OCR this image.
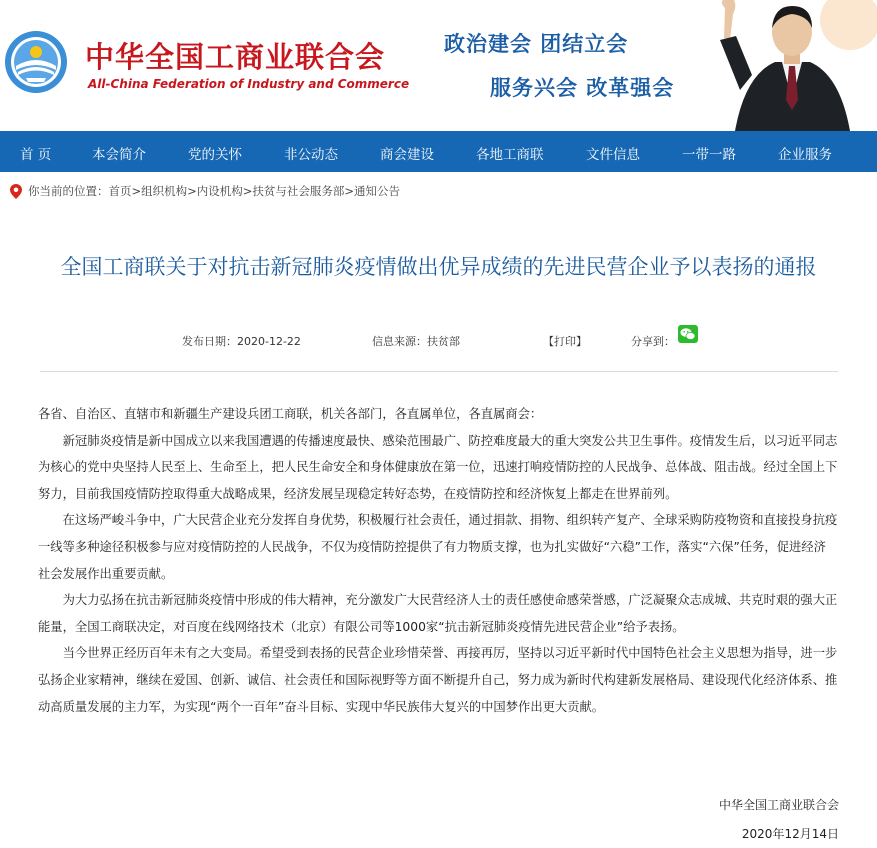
中华全国工商业联合会
All-China Federation of Industry and Commerce
政治建会 团结立会
服务兴会 改革强会
首 页	本会简介	党的关怀	非公动态	商会建设	各地工商联	文件信息	一带一路	企业服务
你当前的位置：首页>组织机构>内设机构>扶贫与社会服务部>通知公告
全国工商联关于对抗击新冠肺炎疫情做出优异成绩的先进民营企业予以表扬的通报
发布日期：2020-12-22	信息来源：扶贫部	【打印】	分享到：

各省、自治区、直辖市和新疆生产建设兵团工商联，机关各部门，各直属单位，各直属商会：

新冠肺炎疫情是新中国成立以来我国遭遇的传播速度最快、感染范围最广、防控难度最大的重大突发公共卫生事件。疫情发生后，以习近平同志为核心的党中央坚持人民至上、生命至上，把人民生命安全和身体健康放在第一位，迅速打响疫情防控的人民战争、总体战、阻击战。经过全国上下努力，目前我国疫情防控取得重大战略成果，经济发展呈现稳定转好态势，在疫情防控和经济恢复上都走在世界前列。

在这场严峻斗争中，广大民营企业充分发挥自身优势，积极履行社会责任，通过捐款、捐物、组织转产复产、全球采购防疫物资和直接投身抗疫一线等多种途径积极参与应对疫情防控的人民战争，不仅为疫情防控提供了有力物质支撑，也为扎实做好“六稳”工作，落实“六保”任务，促进经济社会发展作出重要贡献。

为大力弘扬在抗击新冠肺炎疫情中形成的伟大精神，充分激发广大民营经济人士的责任感使命感荣誉感，广泛凝聚众志成城、共克时艰的强大正能量，全国工商联决定，对百度在线网络技术（北京）有限公司等1000家“抗击新冠肺炎疫情先进民营企业”给予表扬。

当今世界正经历百年未有之大变局。希望受到表扬的民营企业珍惜荣誉、再接再厉，坚持以习近平新时代中国特色社会主义思想为指导，进一步弘扬企业家精神，继续在爱国、创新、诚信、社会责任和国际视野等方面不断提升自己，努力成为新时代构建新发展格局、建设现代化经济体系、推动高质量发展的主力军，为实现“两个一百年”奋斗目标、实现中华民族伟大复兴的中国梦作出更大贡献。

中华全国工商业联合会
2020年12月14日
